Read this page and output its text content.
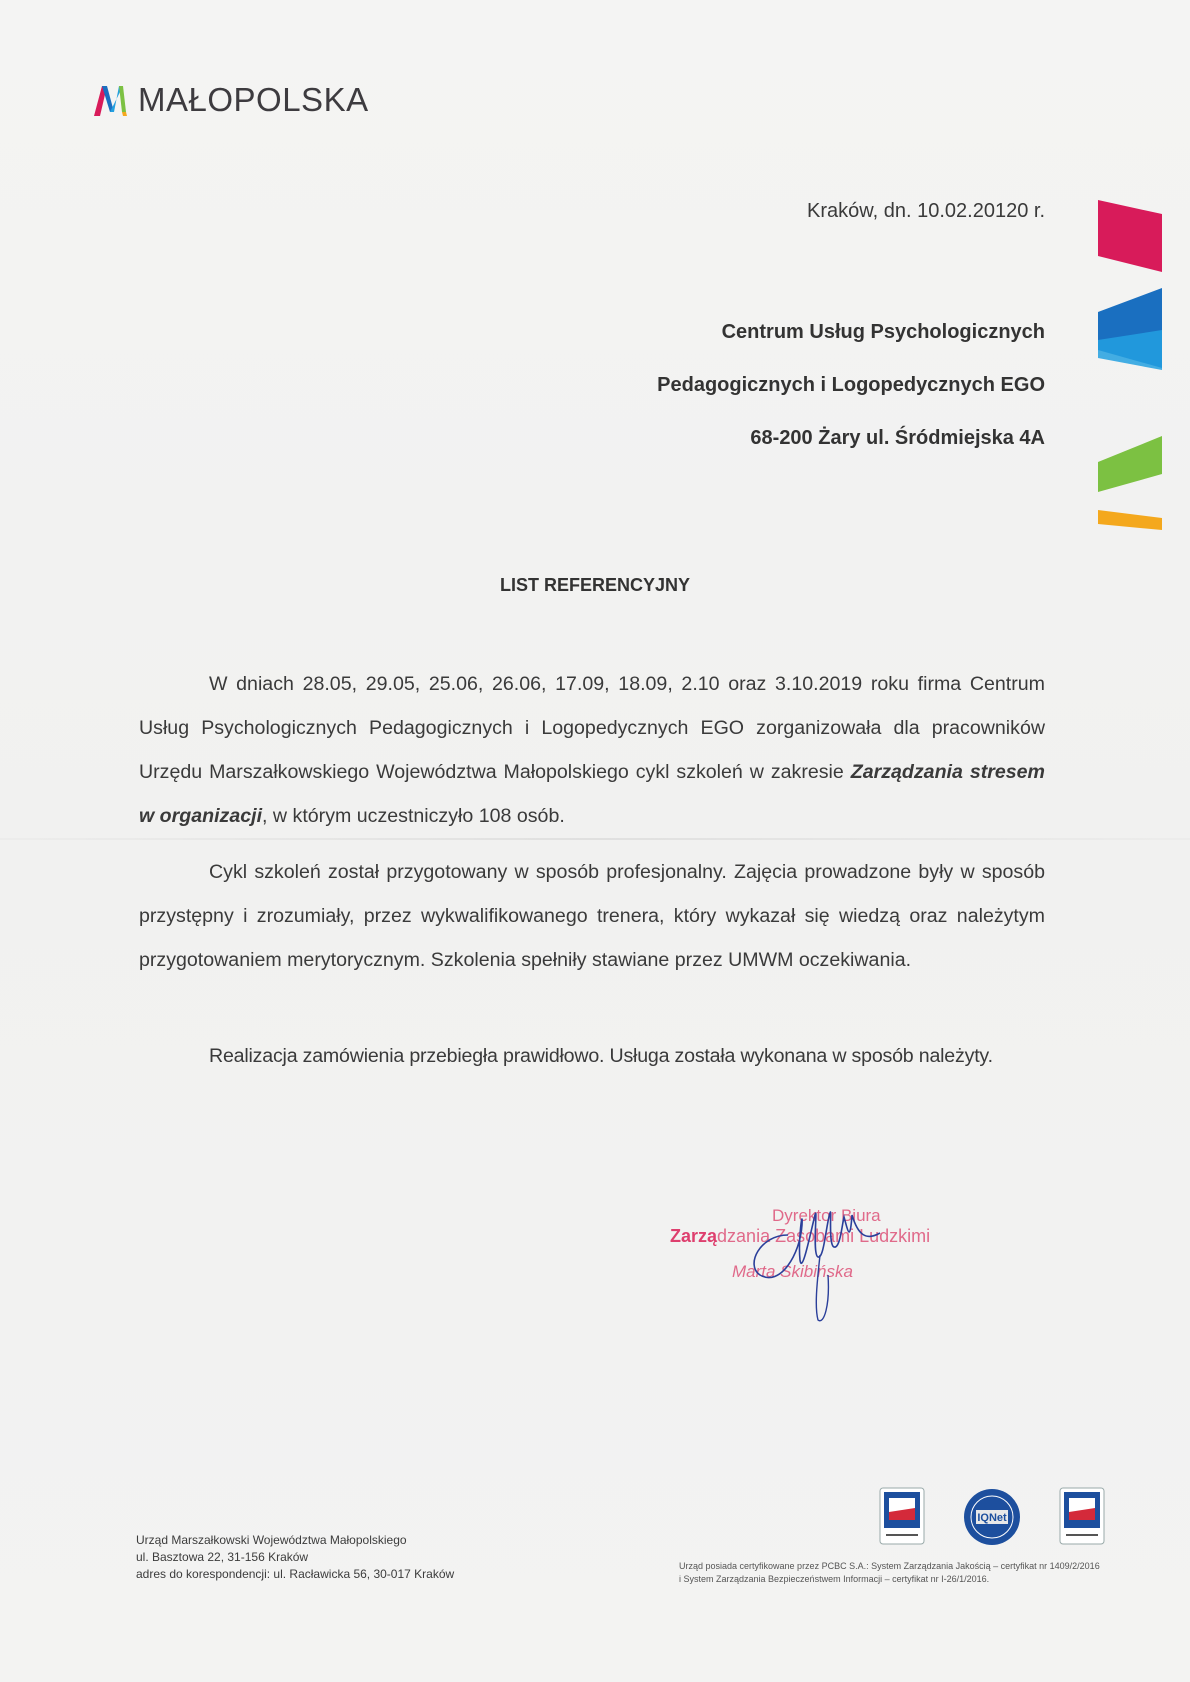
MAŁOPOLSKA
Kraków, dn. 10.02.20120 r.
Centrum Usług Psychologicznych
Pedagogicznych i Logopedycznych EGO
68-200 Żary ul. Śródmiejska 4A
LIST REFERENCYJNY

W dniach 28.05, 29.05, 25.06, 26.06, 17.09, 18.09, 2.10 oraz 3.10.2019 roku firma Centrum Usług Psychologicznych Pedagogicznych i Logopedycznych EGO zorganizowała dla pracowników Urzędu Marszałkowskiego Województwa Małopolskiego cykl szkoleń w zakresie Zarządzania stresem w organizacji, w którym uczestniczyło 108 osób.

Cykl szkoleń został przygotowany w sposób profesjonalny. Zajęcia prowadzone były w sposób przystępny i zrozumiały, przez wykwalifikowanego trenera, który wykazał się wiedzą oraz należytym przygotowaniem merytorycznym. Szkolenia spełniły stawiane przez UMWM oczekiwania.

Realizacja zamówienia przebiegła prawidłowo. Usługa została wykonana w sposób należyty.

Dyrektor Biura
Zarządzania Zasobami Ludzkimi
Marta Skibińska
Urząd Marszałkowski Województwa Małopolskiego
ul. Basztowa 22, 31-156 Kraków
adres do korespondencji: ul. Racławicka 56, 30-017 Kraków
IQNet
Urząd posiada certyfikowane przez PCBC S.A.: System Zarządzania Jakością – certyfikat nr 1409/2/2016
i System Zarządzania Bezpieczeństwem Informacji – certyfikat nr I-26/1/2016.
